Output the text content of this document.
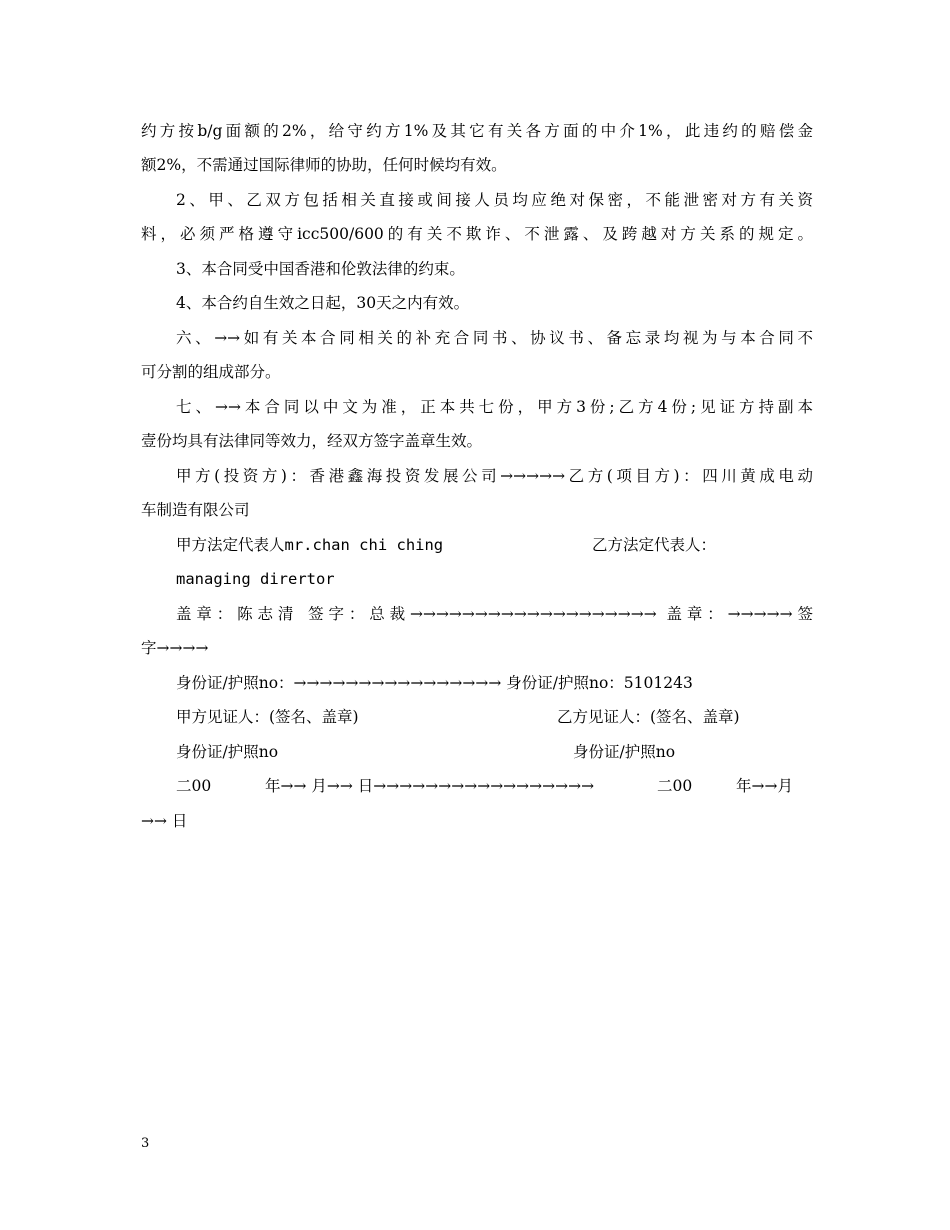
约方按b/g面额的2%，给守约方1%及其它有关各方面的中介1%，此违约的赔偿金
额2%，不需通过国际律师的协助，任何时候均有效。
2、甲、乙双方包括相关直接或间接人员均应绝对保密，不能泄密对方有关资
料，必须严格遵守icc500/600的有关不欺诈、不泄露、及跨越对方关系的规定。
3、本合同受中国香港和伦敦法律的约束。
4、本合约自生效之日起，30天之内有效。
六、→→如有关本合同相关的补充合同书、协议书、备忘录均视为与本合同不
可分割的组成部分。
七、→→本合同以中文为准，正本共七份，甲方3份;乙方4份;见证方持副本
壹份均具有法律同等效力，经双方签字盖章生效。
甲方(投资方)：香港鑫海投资发展公司→→→→→乙方(项目方)：四川黄成电动
车制造有限公司
甲方法定代表人mr.chan chi ching	乙方法定代表人：
managing dirertor
盖章：陈志清 签字：总裁→→→→→→→→→→→→→→→→→→→ 盖章：→→→→→签
字→→→→
身份证/护照no：→→→→→→→→→→→→→→→→ 身份证/护照no：5101243
甲方见证人：(签名、盖章)	乙方见证人：(签名、盖章)
身份证/护照no	身份证/护照no
二00	年→→ 月→→ 日→→→→→→→→→→→→→→→→→	二00	年→→月
→→ 日
3
